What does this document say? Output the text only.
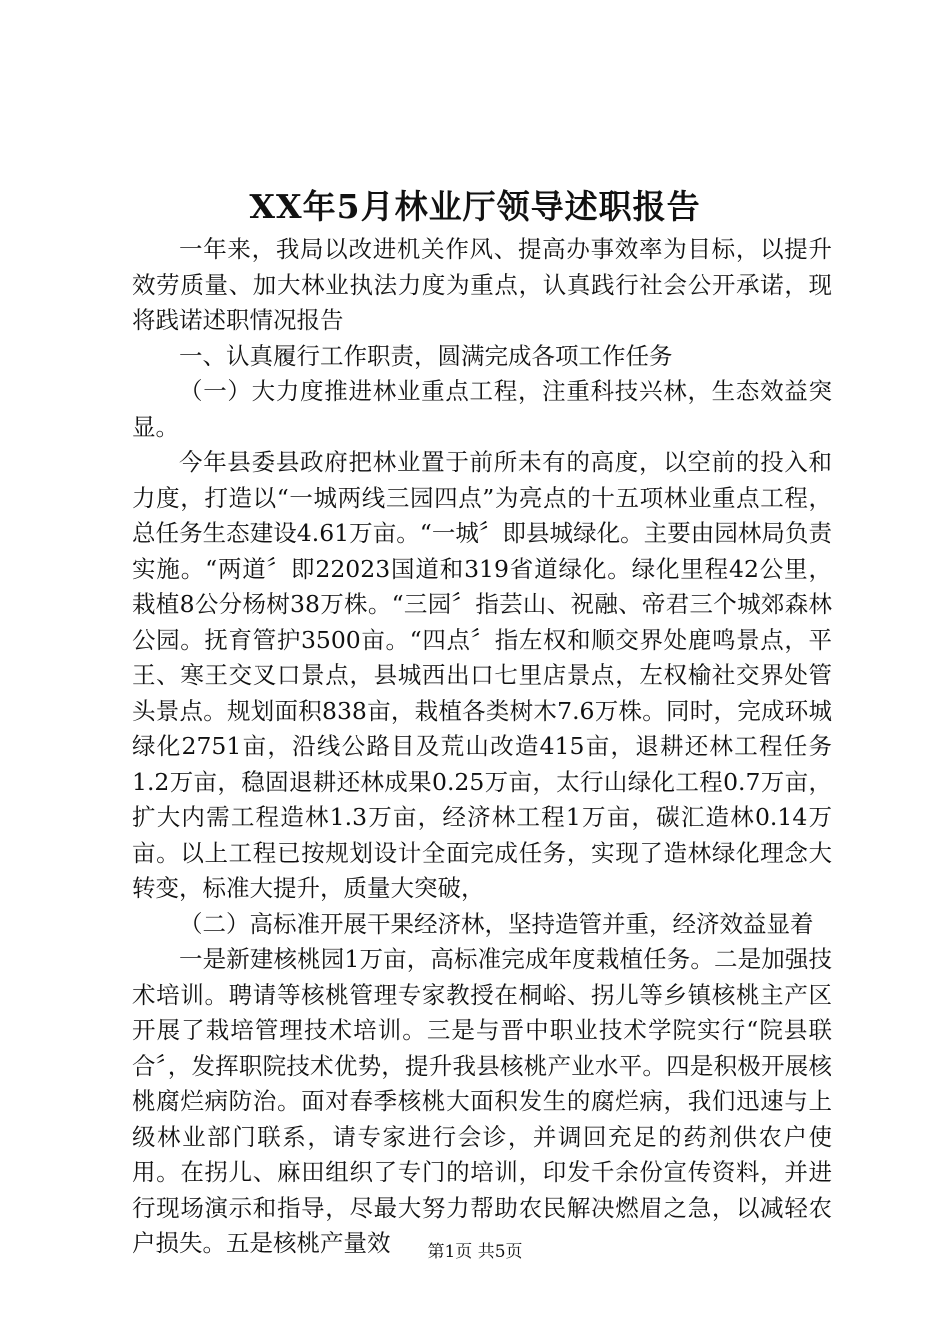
XX年5月林业厅领导述职报告

一年来，我局以改进机关作风、提高办事效率为目标，以提升效劳质量、加大林业执法力度为重点，认真践行社会公开承诺，现将践诺述职情况报告

一、认真履行工作职责，圆满完成各项工作任务

（一）大力度推进林业重点工程，注重科技兴林，生态效益突显。

今年县委县政府把林业置于前所未有的高度，以空前的投入和力度，打造以“一城两线三园四点”为亮点的十五项林业重点工程，总任务生态建设4.61万亩。“一城〞即县城绿化。主要由园林局负责实施。“两道〞即22023国道和319省道绿化。绿化里程42公里，栽植8公分杨树38万株。“三园〞指芸山、祝融、帝君三个城郊森林公园。抚育管护3500亩。“四点〞指左权和顺交界处鹿鸣景点，平王、寒王交叉口景点，县城西出口七里店景点，左权榆社交界处管头景点。规划面积838亩，栽植各类树木7.6万株。同时，完成环城绿化2751亩，沿线公路目及荒山改造415亩，退耕还林工程任务1.2万亩，稳固退耕还林成果0.25万亩，太行山绿化工程0.7万亩，扩大内需工程造林1.3万亩，经济林工程1万亩，碳汇造林0.14万亩。以上工程已按规划设计全面完成任务，实现了造林绿化理念大转变，标准大提升，质量大突破，

（二）高标准开展干果经济林，坚持造管并重，经济效益显着

一是新建核桃园1万亩，高标准完成年度栽植任务。二是加强技术培训。聘请等核桃管理专家教授在桐峪、拐儿等乡镇核桃主产区开展了栽培管理技术培训。三是与晋中职业技术学院实行“院县联合〞，发挥职院技术优势，提升我县核桃产业水平。四是积极开展核桃腐烂病防治。面对春季核桃大面积发生的腐烂病，我们迅速与上级林业部门联系，请专家进行会诊，并调回充足的药剂供农户使用。在拐儿、麻田组织了专门的培训，印发千余份宣传资料，并进行现场演示和指导，尽最大努力帮助农民解决燃眉之急，以减轻农户损失。五是核桃产量效	第1页 共5页
